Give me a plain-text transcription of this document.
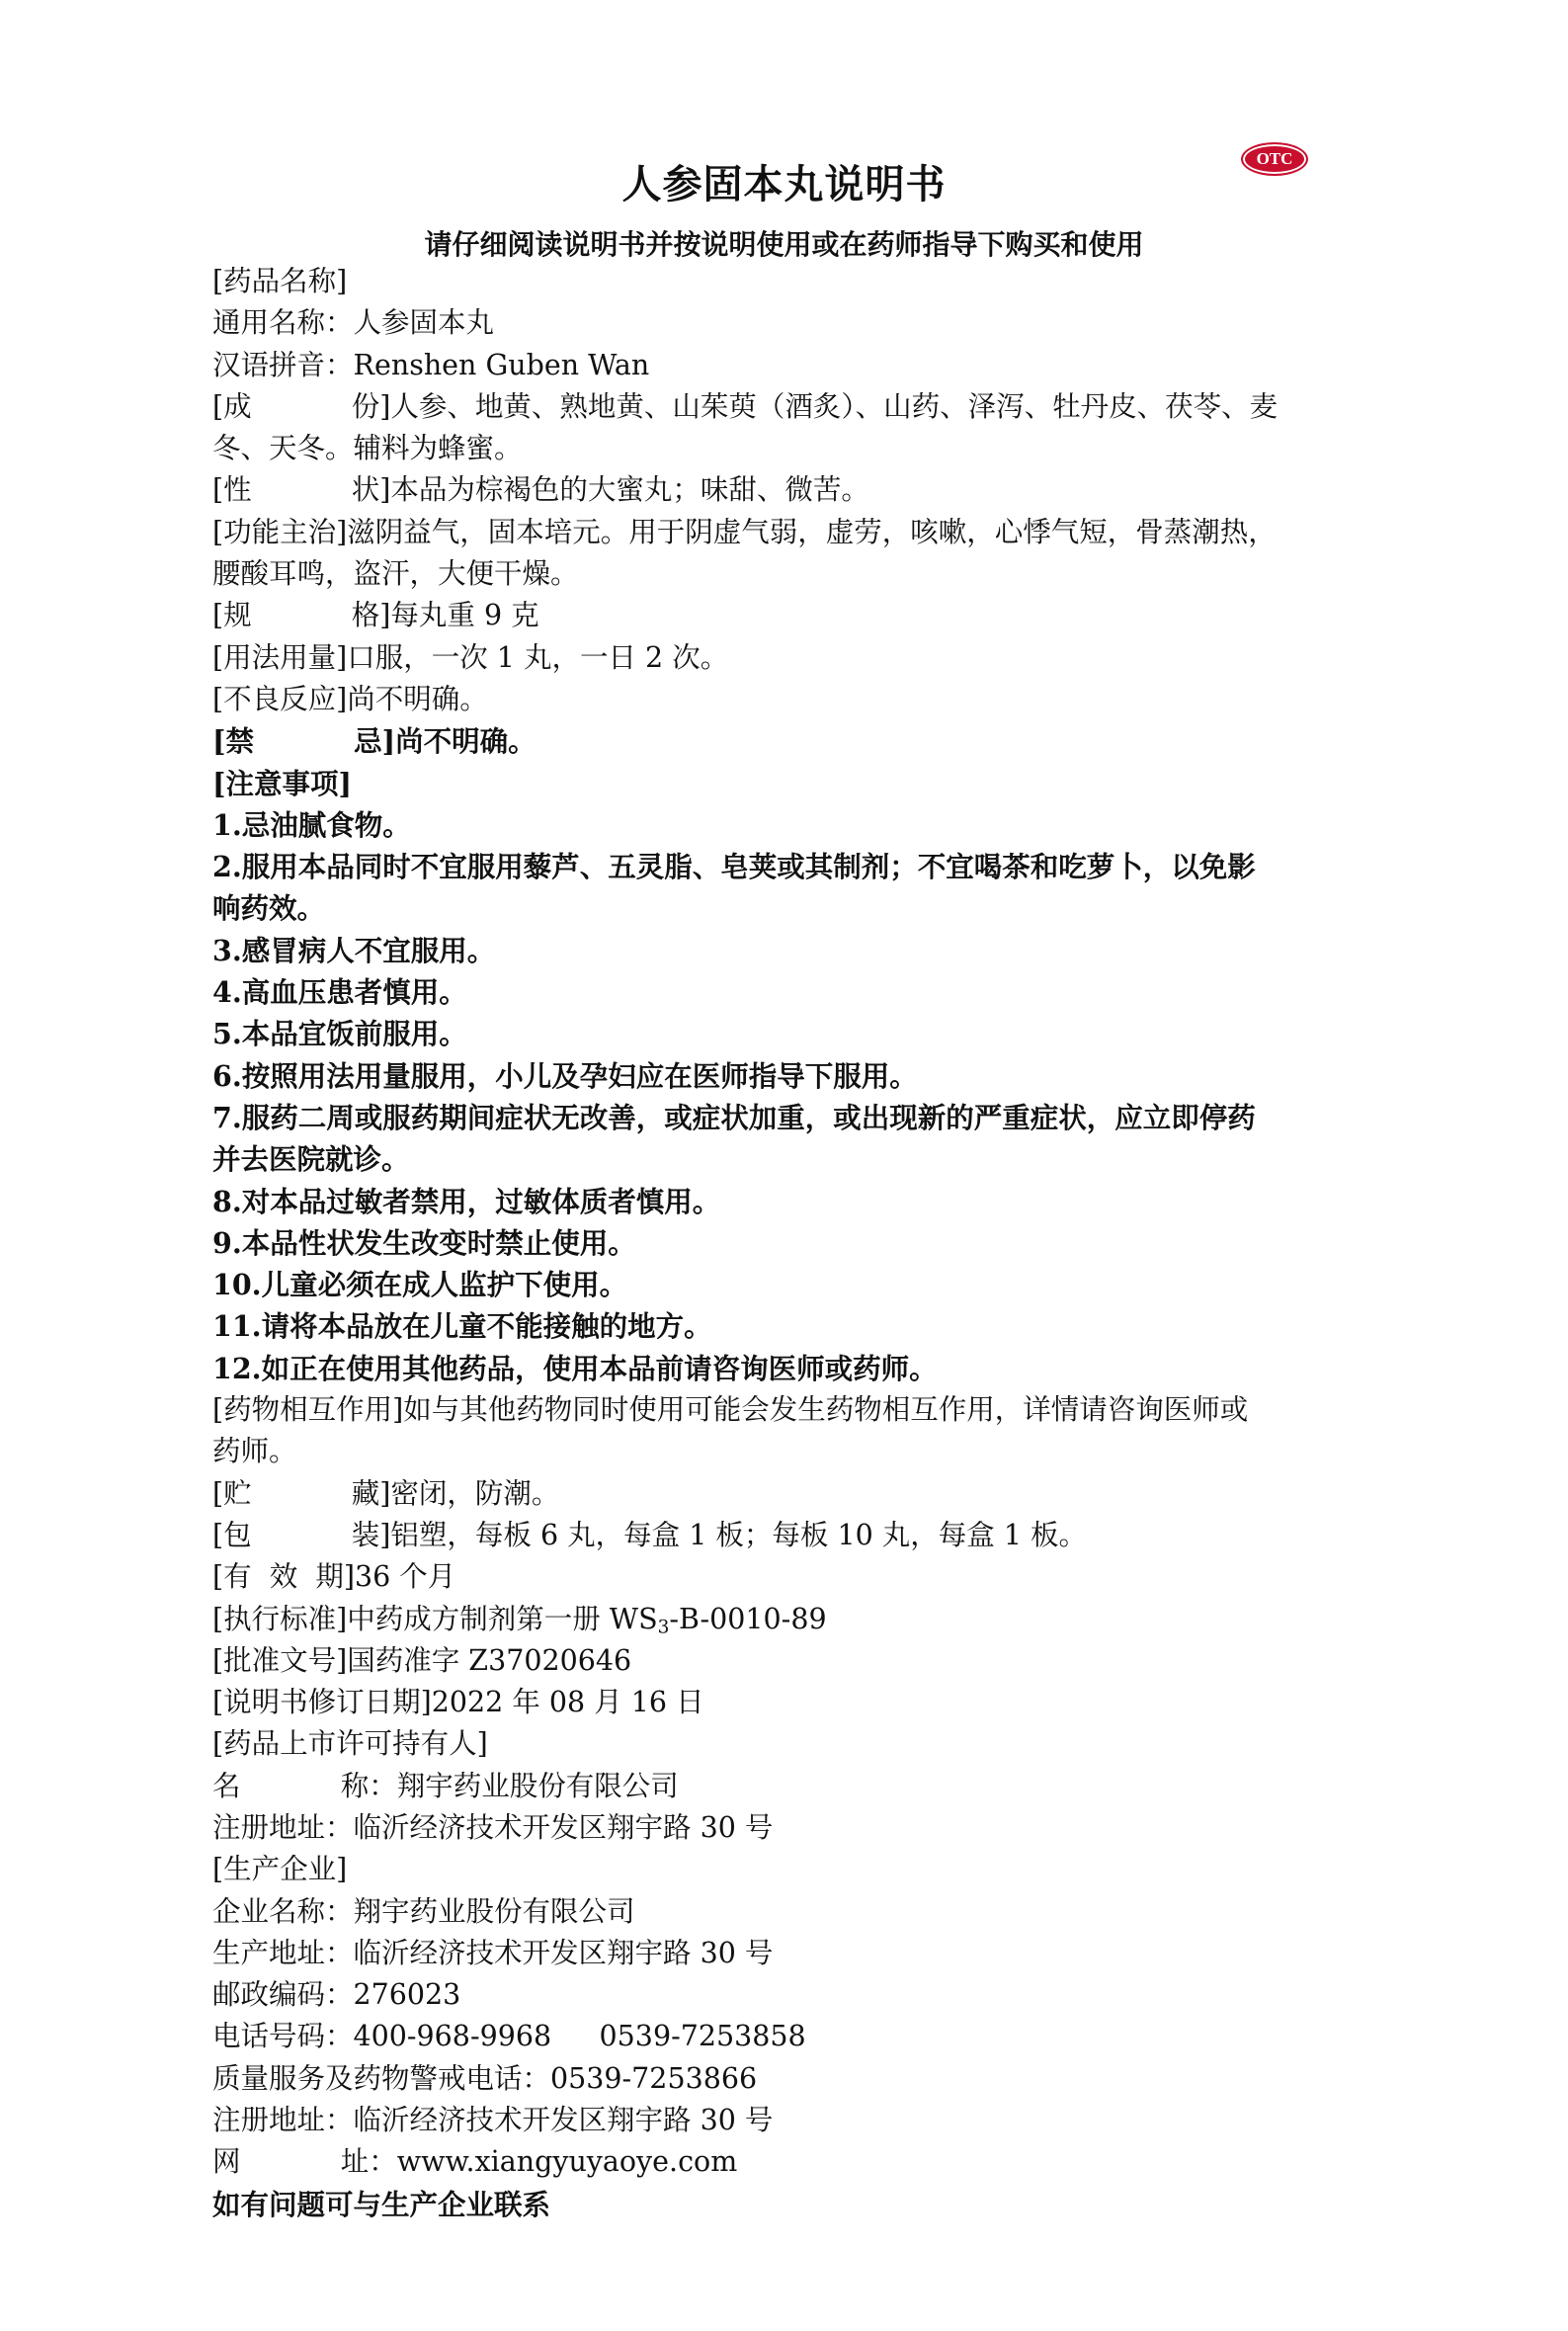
人参固本丸说明书
OTC
请仔细阅读说明书并按说明使用或在药师指导下购买和使用
[药品名称]
通用名称：人参固本丸
汉语拼音：Renshen Guben Wan
[成	份]人参、地黄、熟地黄、山茱萸（酒炙）、山药、泽泻、牡丹皮、茯苓、麦
冬、天冬。辅料为蜂蜜。
[性	状]本品为棕褐色的大蜜丸；味甜、微苦。
[功能主治]滋阴益气，固本培元。用于阴虚气弱，虚劳，咳嗽，心悸气短，骨蒸潮热，
腰酸耳鸣，盗汗，大便干燥。
[规	格]每丸重 9 克
[用法用量]口服，一次 1 丸，一日 2 次。
[不良反应]尚不明确。
[禁	忌]尚不明确。
[注意事项]
1.忌油腻食物。
2.服用本品同时不宜服用藜芦、五灵脂、皂荚或其制剂；不宜喝茶和吃萝卜，以免影
响药效。
3.感冒病人不宜服用。
4.高血压患者慎用。
5.本品宜饭前服用。
6.按照用法用量服用，小儿及孕妇应在医师指导下服用。
7.服药二周或服药期间症状无改善，或症状加重，或出现新的严重症状，应立即停药
并去医院就诊。
8.对本品过敏者禁用，过敏体质者慎用。
9.本品性状发生改变时禁止使用。
10.儿童必须在成人监护下使用。
11.请将本品放在儿童不能接触的地方。
12.如正在使用其他药品，使用本品前请咨询医师或药师。
[药物相互作用]如与其他药物同时使用可能会发生药物相互作用，详情请咨询医师或
药师。
[贮	藏]密闭，防潮。
[包	装]铝塑，每板 6 丸，每盒 1 板；每板 10 丸，每盒 1 板。
[有  效  期]36 个月
[执行标准]中药成方制剂第一册 $WS_3-B-0010-89$
[批准文号]国药准字 Z37020646
[说明书修订日期]2022 年 08 月 16 日
[药品上市许可持有人]
名	称：翔宇药业股份有限公司
注册地址：临沂经济技术开发区翔宇路 30 号
[生产企业]
企业名称：翔宇药业股份有限公司
生产地址：临沂经济技术开发区翔宇路 30 号
邮政编码：276023
电话号码：400-968-9968 0539-7253858
质量服务及药物警戒电话：0539-7253866
注册地址：临沂经济技术开发区翔宇路 30 号
网	址：www.xiangyuyaoye.com
如有问题可与生产企业联系
